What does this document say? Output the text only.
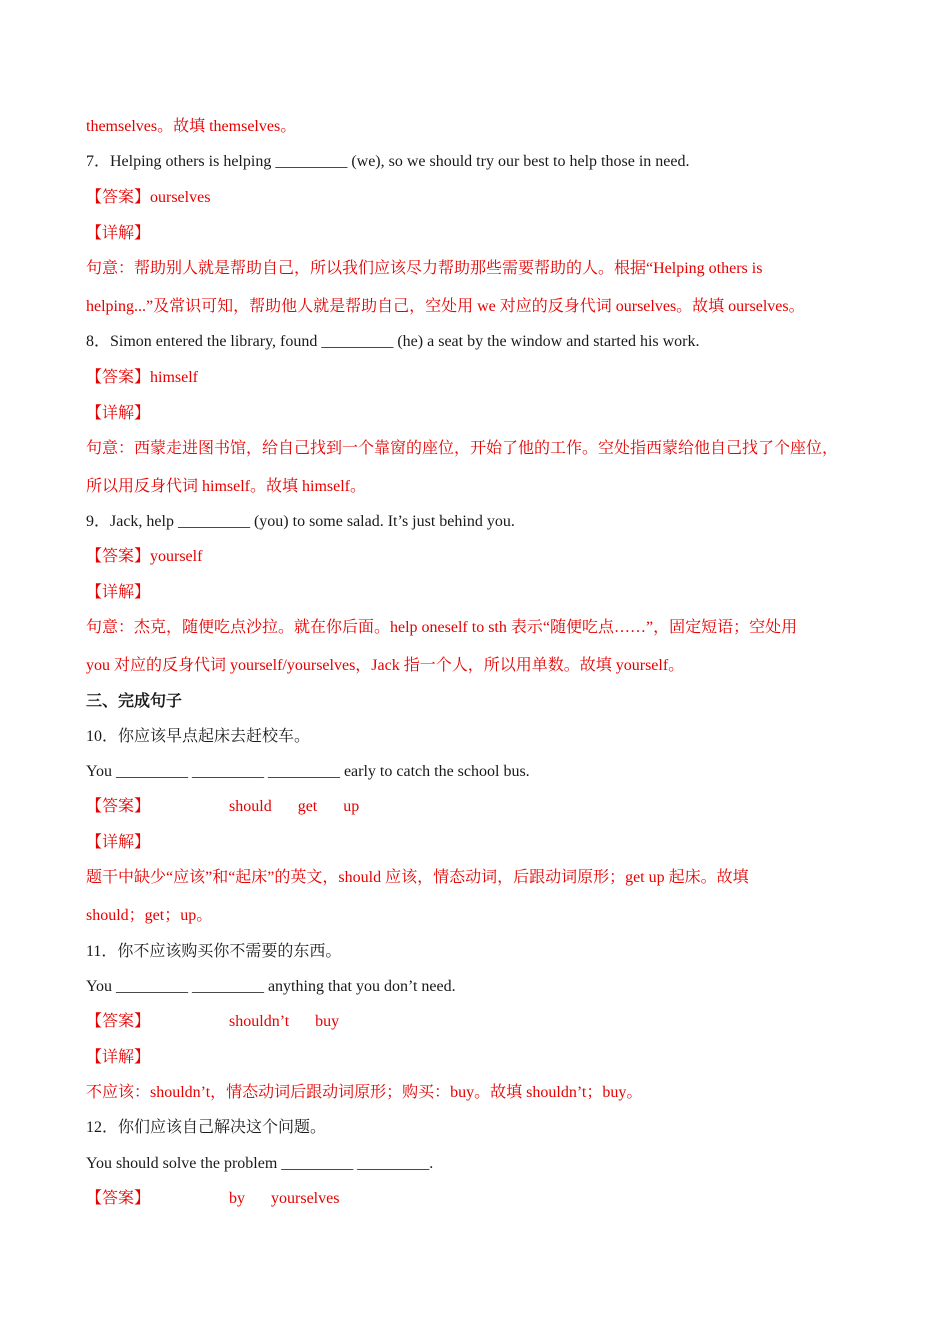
themselves。故填 themselves。
7．Helping others is helping _________ (we), so we should try our best to help those in need.
【答案】ourselves
【详解】
句意：帮助别人就是帮助自己，所以我们应该尽力帮助那些需要帮助的人。根据“Helping others is
helping...”及常识可知，帮助他人就是帮助自己，空处用 we 对应的反身代词 ourselves。故填 ourselves。
8．Simon entered the library, found _________ (he) a seat by the window and started his work.
【答案】himself
【详解】
句意：西蒙走进图书馆，给自己找到一个靠窗的座位，开始了他的工作。空处指西蒙给他自己找了个座位，
所以用反身代词 himself。故填 himself。
9．Jack, help _________ (you) to some salad. It’s just behind you.
【答案】yourself
【详解】
句意：杰克，随便吃点沙拉。就在你后面。help oneself to sth 表示“随便吃点……”，固定短语；空处用
you 对应的反身代词 yourself/yourselves，Jack 指一个人，所以用单数。故填 yourself。
三、完成句子
10．你应该早点起床去赶校车。
You _________ _________ _________ early to catch the school bus.
【答案】	should get up
【详解】
题干中缺少“应该”和“起床”的英文，should 应该，情态动词，后跟动词原形；get up 起床。故填
should；get；up。
11．你不应该购买你不需要的东西。
You _________ _________ anything that you don’t need.
【答案】	shouldn’t buy
【详解】
不应该：shouldn’t，情态动词后跟动词原形；购买：buy。故填 shouldn’t；buy。
12．你们应该自己解决这个问题。
You should solve the problem _________ _________.
【答案】	by yourselves
